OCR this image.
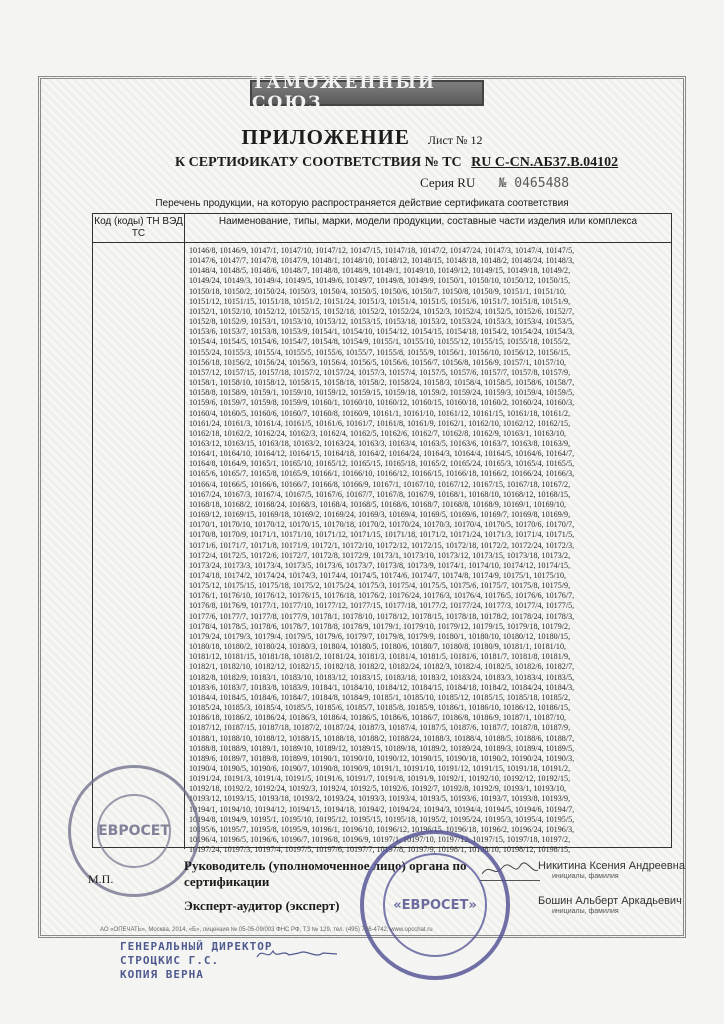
ТАМОЖЕННЫЙ СОЮЗ
ПРИЛОЖЕНИЕ Лист № 12
К СЕРТИФИКАТУ СООТВЕТСТВИЯ № ТС RU C-CN.АБ37.В.04102
Серия RU № 0465488
Перечень продукции, на которую распространяется действие сертификата соответствия
Код (коды) ТН ВЭД ТС
Наименование, типы, марки, модели продукции, составные части изделия или комплекса
10146/8, 10146/9, 10147/1, 10147/10, 10147/12, 10147/15, 10147/18, 10147/2, 10147/24, 10147/3, 10147/4, 10147/5,
10147/6, 10147/7, 10147/8, 10147/9, 10148/1, 10148/10, 10148/12, 10148/15, 10148/18, 10148/2, 10148/24, 10148/3,
10148/4, 10148/5, 10148/6, 10148/7, 10148/8, 10148/9, 10149/1, 10149/10, 10149/12, 10149/15, 10149/18, 10149/2,
10149/24, 10149/3, 10149/4, 10149/5, 10149/6, 10149/7, 10149/8, 10149/9, 10150/1, 10150/10, 10150/12, 10150/15,
10150/18, 10150/2, 10150/24, 10150/3, 10150/4, 10150/5, 10150/6, 10150/7, 10150/8, 10150/9, 10151/1, 10151/10,
10151/12, 10151/15, 10151/18, 10151/2, 10151/24, 10151/3, 10151/4, 10151/5, 10151/6, 10151/7, 10151/8, 10151/9,
10152/1, 10152/10, 10152/12, 10152/15, 10152/18, 10152/2, 10152/24, 10152/3, 10152/4, 10152/5, 10152/6, 10152/7,
10152/8, 10152/9, 10153/1, 10153/10, 10153/12, 10153/15, 10153/18, 10153/2, 10153/24, 10153/3, 10153/4, 10153/5,
10153/6, 10153/7, 10153/8, 10153/9, 10154/1, 10154/10, 10154/12, 10154/15, 10154/18, 10154/2, 10154/24, 10154/3,
10154/4, 10154/5, 10154/6, 10154/7, 10154/8, 10154/9, 10155/1, 10155/10, 10155/12, 10155/15, 10155/18, 10155/2,
10155/24, 10155/3, 10155/4, 10155/5, 10155/6, 10155/7, 10155/8, 10155/9, 10156/1, 10156/10, 10156/12, 10156/15,
10156/18, 10156/2, 10156/24, 10156/3, 10156/4, 10156/5, 10156/6, 10156/7, 10156/8, 10156/9, 10157/1, 10157/10,
10157/12, 10157/15, 10157/18, 10157/2, 10157/24, 10157/3, 10157/4, 10157/5, 10157/6, 10157/7, 10157/8, 10157/9,
10158/1, 10158/10, 10158/12, 10158/15, 10158/18, 10158/2, 10158/24, 10158/3, 10158/4, 10158/5, 10158/6, 10158/7,
10158/8, 10158/9, 10159/1, 10159/10, 10159/12, 10159/15, 10159/18, 10159/2, 10159/24, 10159/3, 10159/4, 10159/5,
10159/6, 10159/7, 10159/8, 10159/9, 10160/1, 10160/10, 10160/12, 10160/15, 10160/18, 10160/2, 10160/24, 10160/3,
10160/4, 10160/5, 10160/6, 10160/7, 10160/8, 10160/9, 10161/1, 10161/10, 10161/12, 10161/15, 10161/18, 10161/2,
10161/24, 10161/3, 10161/4, 10161/5, 10161/6, 10161/7, 10161/8, 10161/9, 10162/1, 10162/10, 10162/12, 10162/15,
10162/18, 10162/2, 10162/24, 10162/3, 10162/4, 10162/5, 10162/6, 10162/7, 10162/8, 10162/9, 10163/1, 10163/10,
10163/12, 10163/15, 10163/18, 10163/2, 10163/24, 10163/3, 10163/4, 10163/5, 10163/6, 10163/7, 10163/8, 10163/9,
10164/1, 10164/10, 10164/12, 10164/15, 10164/18, 10164/2, 10164/24, 10164/3, 10164/4, 10164/5, 10164/6, 10164/7,
10164/8, 10164/9, 10165/1, 10165/10, 10165/12, 10165/15, 10165/18, 10165/2, 10165/24, 10165/3, 10165/4, 10165/5,
10165/6, 10165/7, 10165/8, 10165/9, 10166/1, 10166/10, 10166/12, 10166/15, 10166/18, 10166/2, 10166/24, 10166/3,
10166/4, 10166/5, 10166/6, 10166/7, 10166/8, 10166/9, 10167/1, 10167/10, 10167/12, 10167/15, 10167/18, 10167/2,
10167/24, 10167/3, 10167/4, 10167/5, 10167/6, 10167/7, 10167/8, 10167/9, 10168/1, 10168/10, 10168/12, 10168/15,
10168/18, 10168/2, 10168/24, 10168/3, 10168/4, 10168/5, 10168/6, 10168/7, 10168/8, 10168/9, 10169/1, 10169/10,
10169/12, 10169/15, 10169/18, 10169/2, 10169/24, 10169/3, 10169/4, 10169/5, 10169/6, 10169/7, 10169/8, 10169/9,
10170/1, 10170/10, 10170/12, 10170/15, 10170/18, 10170/2, 10170/24, 10170/3, 10170/4, 10170/5, 10170/6, 10170/7,
10170/8, 10170/9, 10171/1, 10171/10, 10171/12, 10171/15, 10171/18, 10171/2, 10171/24, 10171/3, 10171/4, 10171/5,
10171/6, 10171/7, 10171/8, 10171/9, 10172/1, 10172/10, 10172/12, 10172/15, 10172/18, 10172/2, 10172/24, 10172/3,
10172/4, 10172/5, 10172/6, 10172/7, 10172/8, 10172/9, 10173/1, 10173/10, 10173/12, 10173/15, 10173/18, 10173/2,
10173/24, 10173/3, 10173/4, 10173/5, 10173/6, 10173/7, 10173/8, 10173/9, 10174/1, 10174/10, 10174/12, 10174/15,
10174/18, 10174/2, 10174/24, 10174/3, 10174/4, 10174/5, 10174/6, 10174/7, 10174/8, 10174/9, 10175/1, 10175/10,
10175/12, 10175/15, 10175/18, 10175/2, 10175/24, 10175/3, 10175/4, 10175/5, 10175/6, 10175/7, 10175/8, 10175/9,
10176/1, 10176/10, 10176/12, 10176/15, 10176/18, 10176/2, 10176/24, 10176/3, 10176/4, 10176/5, 10176/6, 10176/7,
10176/8, 10176/9, 10177/1, 10177/10, 10177/12, 10177/15, 10177/18, 10177/2, 10177/24, 10177/3, 10177/4, 10177/5,
10177/6, 10177/7, 10177/8, 10177/9, 10178/1, 10178/10, 10178/12, 10178/15, 10178/18, 10178/2, 10178/24, 10178/3,
10178/4, 10178/5, 10178/6, 10178/7, 10178/8, 10178/9, 10179/1, 10179/10, 10179/12, 10179/15, 10179/18, 10179/2,
10179/24, 10179/3, 10179/4, 10179/5, 10179/6, 10179/7, 10179/8, 10179/9, 10180/1, 10180/10, 10180/12, 10180/15,
10180/18, 10180/2, 10180/24, 10180/3, 10180/4, 10180/5, 10180/6, 10180/7, 10180/8, 10180/9, 10181/1, 10181/10,
10181/12, 10181/15, 10181/18, 10181/2, 10181/24, 10181/3, 10181/4, 10181/5, 10181/6, 10181/7, 10181/8, 10181/9,
10182/1, 10182/10, 10182/12, 10182/15, 10182/18, 10182/2, 10182/24, 10182/3, 10182/4, 10182/5, 10182/6, 10182/7,
10182/8, 10182/9, 10183/1, 10183/10, 10183/12, 10183/15, 10183/18, 10183/2, 10183/24, 10183/3, 10183/4, 10183/5,
10183/6, 10183/7, 10183/8, 10183/9, 10184/1, 10184/10, 10184/12, 10184/15, 10184/18, 10184/2, 10184/24, 10184/3,
10184/4, 10184/5, 10184/6, 10184/7, 10184/8, 10184/9, 10185/1, 10185/10, 10185/12, 10185/15, 10185/18, 10185/2,
10185/24, 10185/3, 10185/4, 10185/5, 10185/6, 10185/7, 10185/8, 10185/9, 10186/1, 10186/10, 10186/12, 10186/15,
10186/18, 10186/2, 10186/24, 10186/3, 10186/4, 10186/5, 10186/6, 10186/7, 10186/8, 10186/9, 10187/1, 10187/10,
10187/12, 10187/15, 10187/18, 10187/2, 10187/24, 10187/3, 10187/4, 10187/5, 10187/6, 10187/7, 10187/8, 10187/9,
10188/1, 10188/10, 10188/12, 10188/15, 10188/18, 10188/2, 10188/24, 10188/3, 10188/4, 10188/5, 10188/6, 10188/7,
10188/8, 10188/9, 10189/1, 10189/10, 10189/12, 10189/15, 10189/18, 10189/2, 10189/24, 10189/3, 10189/4, 10189/5,
10189/6, 10189/7, 10189/8, 10189/9, 10190/1, 10190/10, 10190/12, 10190/15, 10190/18, 10190/2, 10190/24, 10190/3,
10190/4, 10190/5, 10190/6, 10190/7, 10190/8, 10190/9, 10191/1, 10191/10, 10191/12, 10191/15, 10191/18, 10191/2,
10191/24, 10191/3, 10191/4, 10191/5, 10191/6, 10191/7, 10191/8, 10191/9, 10192/1, 10192/10, 10192/12, 10192/15,
10192/18, 10192/2, 10192/24, 10192/3, 10192/4, 10192/5, 10192/6, 10192/7, 10192/8, 10192/9, 10193/1, 10193/10,
10193/12, 10193/15, 10193/18, 10193/2, 10193/24, 10193/3, 10193/4, 10193/5, 10193/6, 10193/7, 10193/8, 10193/9,
10194/1, 10194/10, 10194/12, 10194/15, 10194/18, 10194/2, 10194/24, 10194/3, 10194/4, 10194/5, 10194/6, 10194/7,
10194/8, 10194/9, 10195/1, 10195/10, 10195/12, 10195/15, 10195/18, 10195/2, 10195/24, 10195/3, 10195/4, 10195/5,
10195/6, 10195/7, 10195/8, 10195/9, 10196/1, 10196/10, 10196/12, 10196/15, 10196/18, 10196/2, 10196/24, 10196/3,
10196/4, 10196/5, 10196/6, 10196/7, 10196/8, 10196/9, 10197/1, 10197/10, 10197/12, 10197/15, 10197/18, 10197/2,
10197/24, 10197/3, 10197/4, 10197/5, 10197/6, 10197/7, 10197/8, 10197/9, 10198/1, 10198/10, 10198/12, 10198/15,
ЕВРОСЕТ
М.П.
Руководитель (уполномоченное лицо) органа по сертификации
Эксперт-аудитор (эксперт)
Никитина Ксения Андреевна
инициалы, фамилия
Бошин Альберт Аркадьевич
инициалы, фамилия
«ЕВРОСЕТ»
АО «ОПЕЧАТЬ», Москва, 2014, «Б», лицензия № 05-05-09/003 ФНС РФ, ТЗ № 129, тел. (495) 726-4742, www.opcchat.ru
ГЕНЕРАЛЬНЫЙ ДИРЕКТОР
СТРОЦКИС Г.С.
КОПИЯ ВЕРНА
